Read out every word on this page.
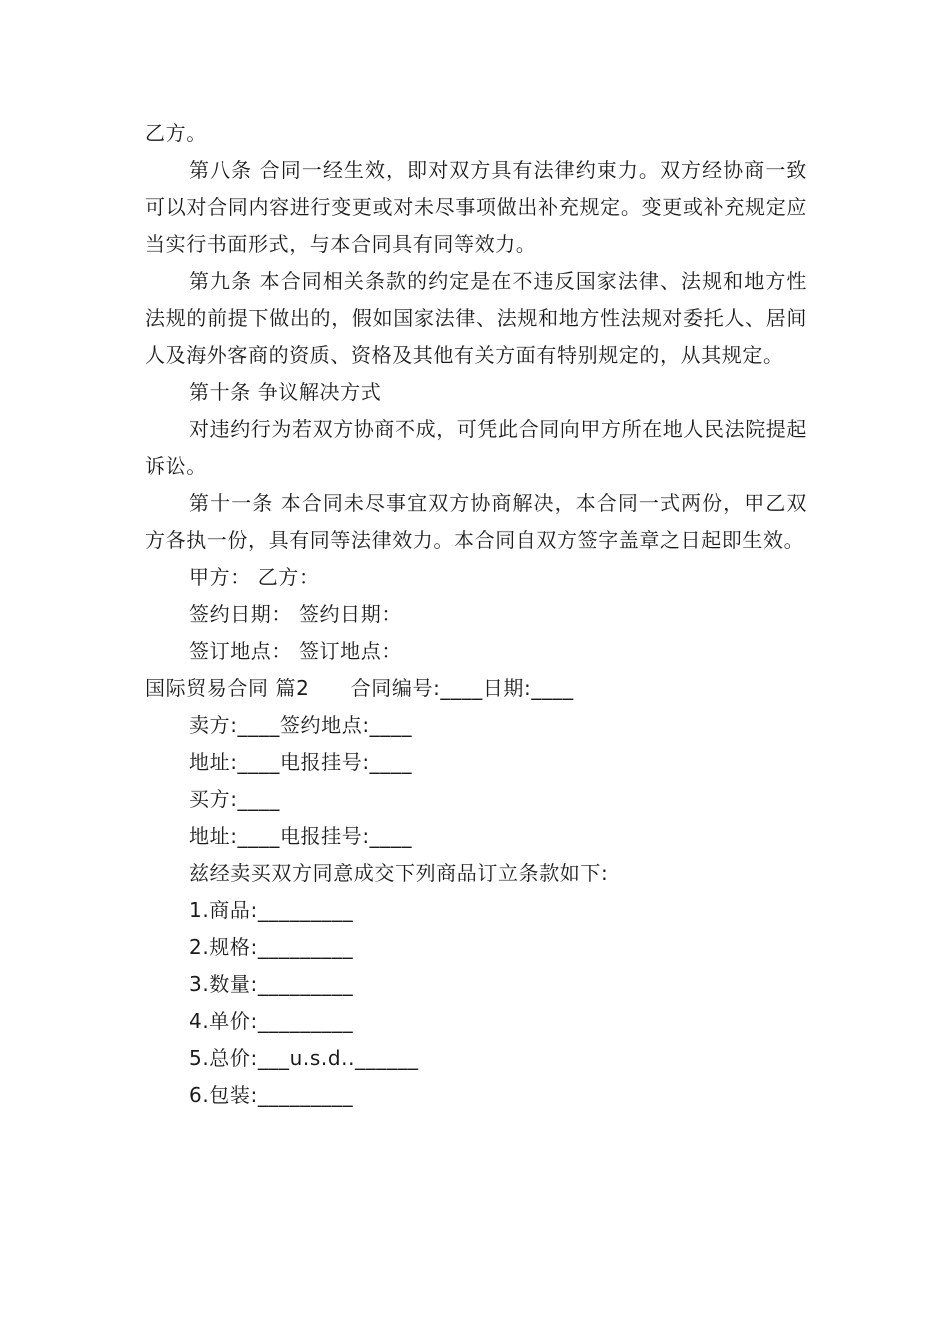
乙方。

第八条 合同一经生效，即对双方具有法律约束力。双方经协商一致可以对合同内容进行变更或对未尽事项做出补充规定。变更或补充规定应当实行书面形式，与本合同具有同等效力。

第九条 本合同相关条款的约定是在不违反国家法律、法规和地方性法规的前提下做出的，假如国家法律、法规和地方性法规对委托人、居间人及海外客商的资质、资格及其他有关方面有特别规定的，从其规定。

第十条 争议解决方式

对违约行为若双方协商不成，可凭此合同向甲方所在地人民法院提起诉讼。

第十一条 本合同未尽事宜双方协商解决，本合同一式两份，甲乙双方各执一份，具有同等法律效力。本合同自双方签字盖章之日起即生效。

甲方： 乙方：

签约日期： 签约日期：

签订地点： 签订地点：

国际贸易合同 篇2　　合同编号:____日期:____

卖方:____签约地点:____

地址:____电报挂号:____

买方:____

地址:____电报挂号:____

兹经卖买双方同意成交下列商品订立条款如下:

1.商品:_________

2.规格:_________

3.数量:_________

4.单价:_________

5.总价:___u.s.d..______

6.包装:_________
